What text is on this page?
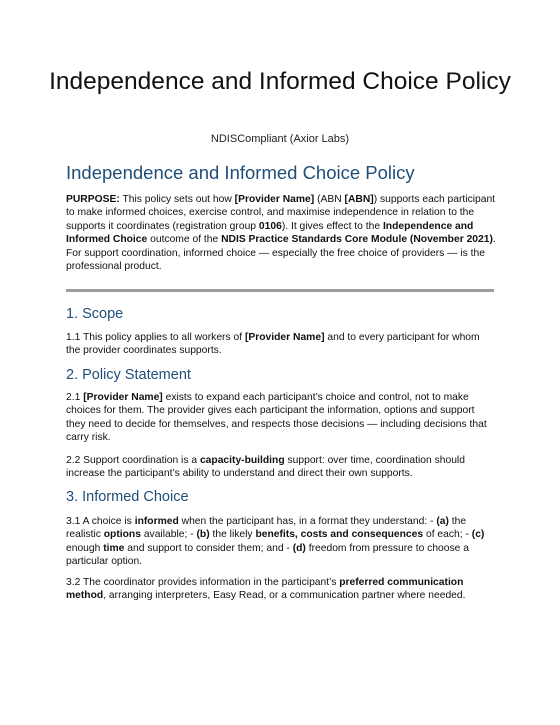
Independence and Informed Choice Policy
NDISCompliant (Axior Labs)
Independence and Informed Choice Policy

PURPOSE: This policy sets out how [Provider Name] (ABN [ABN]) supports each participant to make informed choices, exercise control, and maximise independence in relation to the supports it coordinates (registration group 0106). It gives effect to the Independence and Informed Choice outcome of the NDIS Practice Standards Core Module (November 2021). For support coordination, informed choice — especially the free choice of providers — is the professional product.

1. Scope

1.1 This policy applies to all workers of [Provider Name] and to every participant for whom the provider coordinates supports.

2. Policy Statement

2.1 [Provider Name] exists to expand each participant’s choice and control, not to make choices for them. The provider gives each participant the information, options and support they need to decide for themselves, and respects those decisions — including decisions that carry risk.

2.2 Support coordination is a capacity-building support: over time, coordination should increase the participant’s ability to understand and direct their own supports.

3. Informed Choice

3.1 A choice is informed when the participant has, in a format they understand: - (a) the realistic options available; - (b) the likely benefits, costs and consequences of each; - (c) enough time and support to consider them; and - (d) freedom from pressure to choose a particular option.

3.2 The coordinator provides information in the participant’s preferred communication method, arranging interpreters, Easy Read, or a communication partner where needed.
